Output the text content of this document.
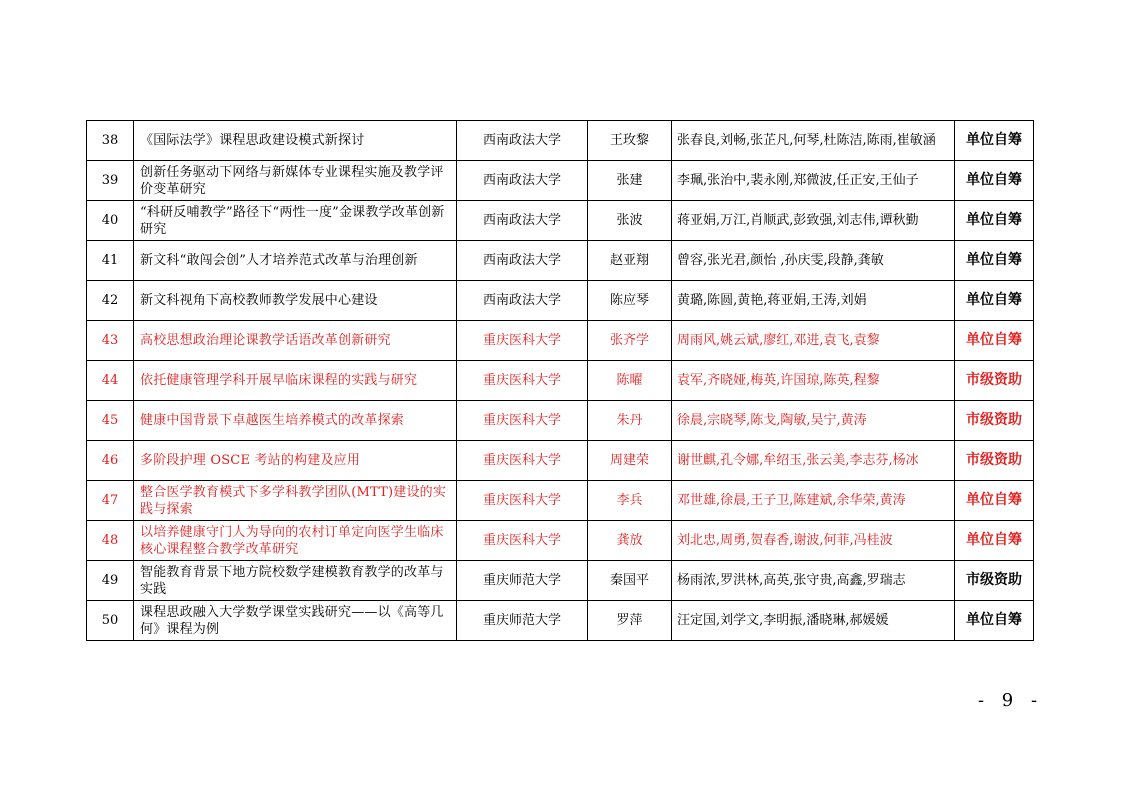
38	《国际法学》课程思政建设模式新探讨	西南政法大学	王玫黎	张春良,刘畅,张芷凡,何琴,杜陈洁,陈雨,崔敏涵	单位自筹
39	创新任务驱动下网络与新媒体专业课程实施及教学评价变革研究	西南政法大学	张建	李珮,张治中,裴永刚,郑微波,任正安,王仙子	单位自筹
40	“科研反哺教学”路径下“两性一度”金课教学改革创新研究	西南政法大学	张波	蒋亚娟,万江,肖顺武,彭致强,刘志伟,谭秋勤	单位自筹
41	新文科“敢闯会创”人才培养范式改革与治理创新	西南政法大学	赵亚翔	曾容,张光君,颜怡 ,孙庆雯,段静,龚敏	单位自筹
42	新文科视角下高校教师教学发展中心建设	西南政法大学	陈应琴	黄璐,陈圆,黄艳,蒋亚娟,王涛,刘娟	单位自筹
43	高校思想政治理论课教学话语改革创新研究	重庆医科大学	张齐学	周雨风,姚云斌,廖红,邓进,袁飞,袁黎	单位自筹
44	依托健康管理学科开展早临床课程的实践与研究	重庆医科大学	陈曜	袁军,齐晓娅,梅英,许国琼,陈英,程黎	市级资助
45	健康中国背景下卓越医生培养模式的改革探索	重庆医科大学	朱丹	徐晨,宗晓琴,陈戈,陶敏,吴宁,黄涛	市级资助
46	多阶段护理 OSCE 考站的构建及应用	重庆医科大学	周建荣	谢世麒,孔令娜,牟绍玉,张云美,李志芬,杨冰	市级资助
47	整合医学教育模式下多学科教学团队(MTT)建设的实践与探索	重庆医科大学	李兵	邓世雄,徐晨,王子卫,陈建斌,余华荣,黄涛	单位自筹
48	以培养健康守门人为导向的农村订单定向医学生临床核心课程整合教学改革研究	重庆医科大学	龚放	刘北忠,周勇,贺春香,谢波,何菲,冯桂波	单位自筹
49	智能教育背景下地方院校数学建模教育教学的改革与实践	重庆师范大学	秦国平	杨雨浓,罗洪林,高英,张守贵,高鑫,罗瑞志	市级资助
50	课程思政融入大学数学课堂实践研究——以《高等几何》课程为例	重庆师范大学	罗萍	汪定国,刘学文,李明振,潘晓琳,郝媛媛	单位自筹
- 9 -
